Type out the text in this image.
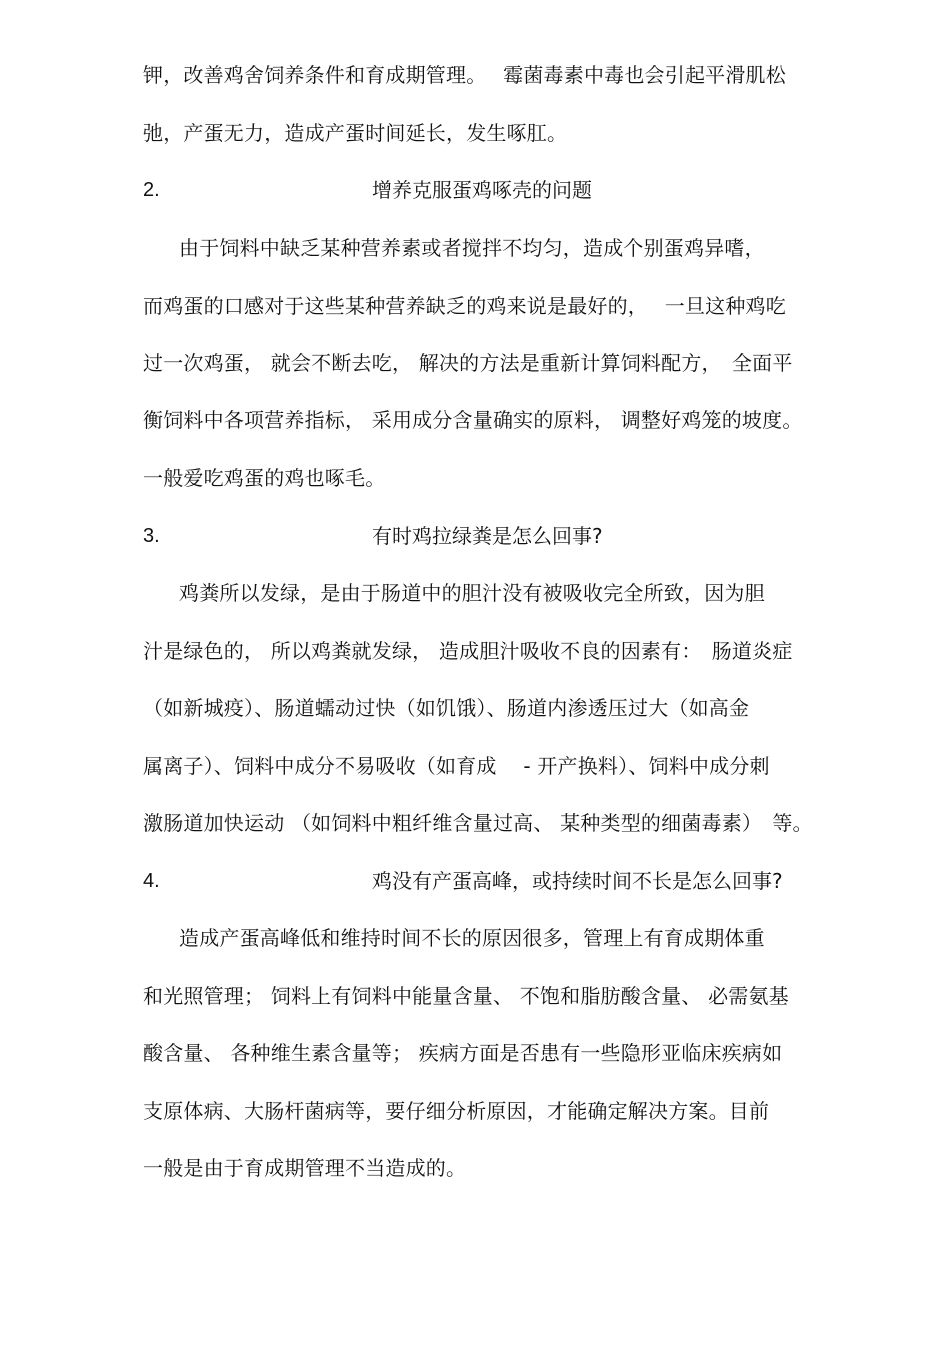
钾，改善鸡舍饲养条件和育成期管理。　 霉菌毒素中毒也会引起平滑肌松
弛，产蛋无力，造成产蛋时间延长，发生啄肛。
2.	增养克服蛋鸡啄壳的问题
由于饲料中缺乏某种营养素或者搅拌不均匀，造成个别蛋鸡异嗜，
而鸡蛋的口感对于这些某种营养缺乏的鸡来说是最好的，　 一旦这种鸡吃
过一次鸡蛋， 就会不断去吃， 解决的方法是重新计算饲料配方，　全面平
衡饲料中各项营养指标， 采用成分含量确实的原料， 调整好鸡笼的坡度。
一般爱吃鸡蛋的鸡也啄毛。
3.	有时鸡拉绿粪是怎么回事?
鸡粪所以发绿，是由于肠道中的胆汁没有被吸收完全所致，因为胆
汁是绿色的， 所以鸡粪就发绿， 造成胆汁吸收不良的因素有：　肠道炎症
（如新城疫）、肠道蠕动过快（如饥饿）、肠道内渗透压过大（如高金
属离子）、饲料中成分不易吸收（如育成　 - 开产换料）、饲料中成分刺
激肠道加快运动 （如饲料中粗纤维含量过高、 某种类型的细菌毒素）　等。
4.	鸡没有产蛋高峰，或持续时间不长是怎么回事?
造成产蛋高峰低和维持时间不长的原因很多，管理上有育成期体重
和光照管理； 饲料上有饲料中能量含量、 不饱和脂肪酸含量、 必需氨基
酸含量、 各种维生素含量等； 疾病方面是否患有一些隐形亚临床疾病如
支原体病、大肠杆菌病等，要仔细分析原因，才能确定解决方案。目前
一般是由于育成期管理不当造成的。
